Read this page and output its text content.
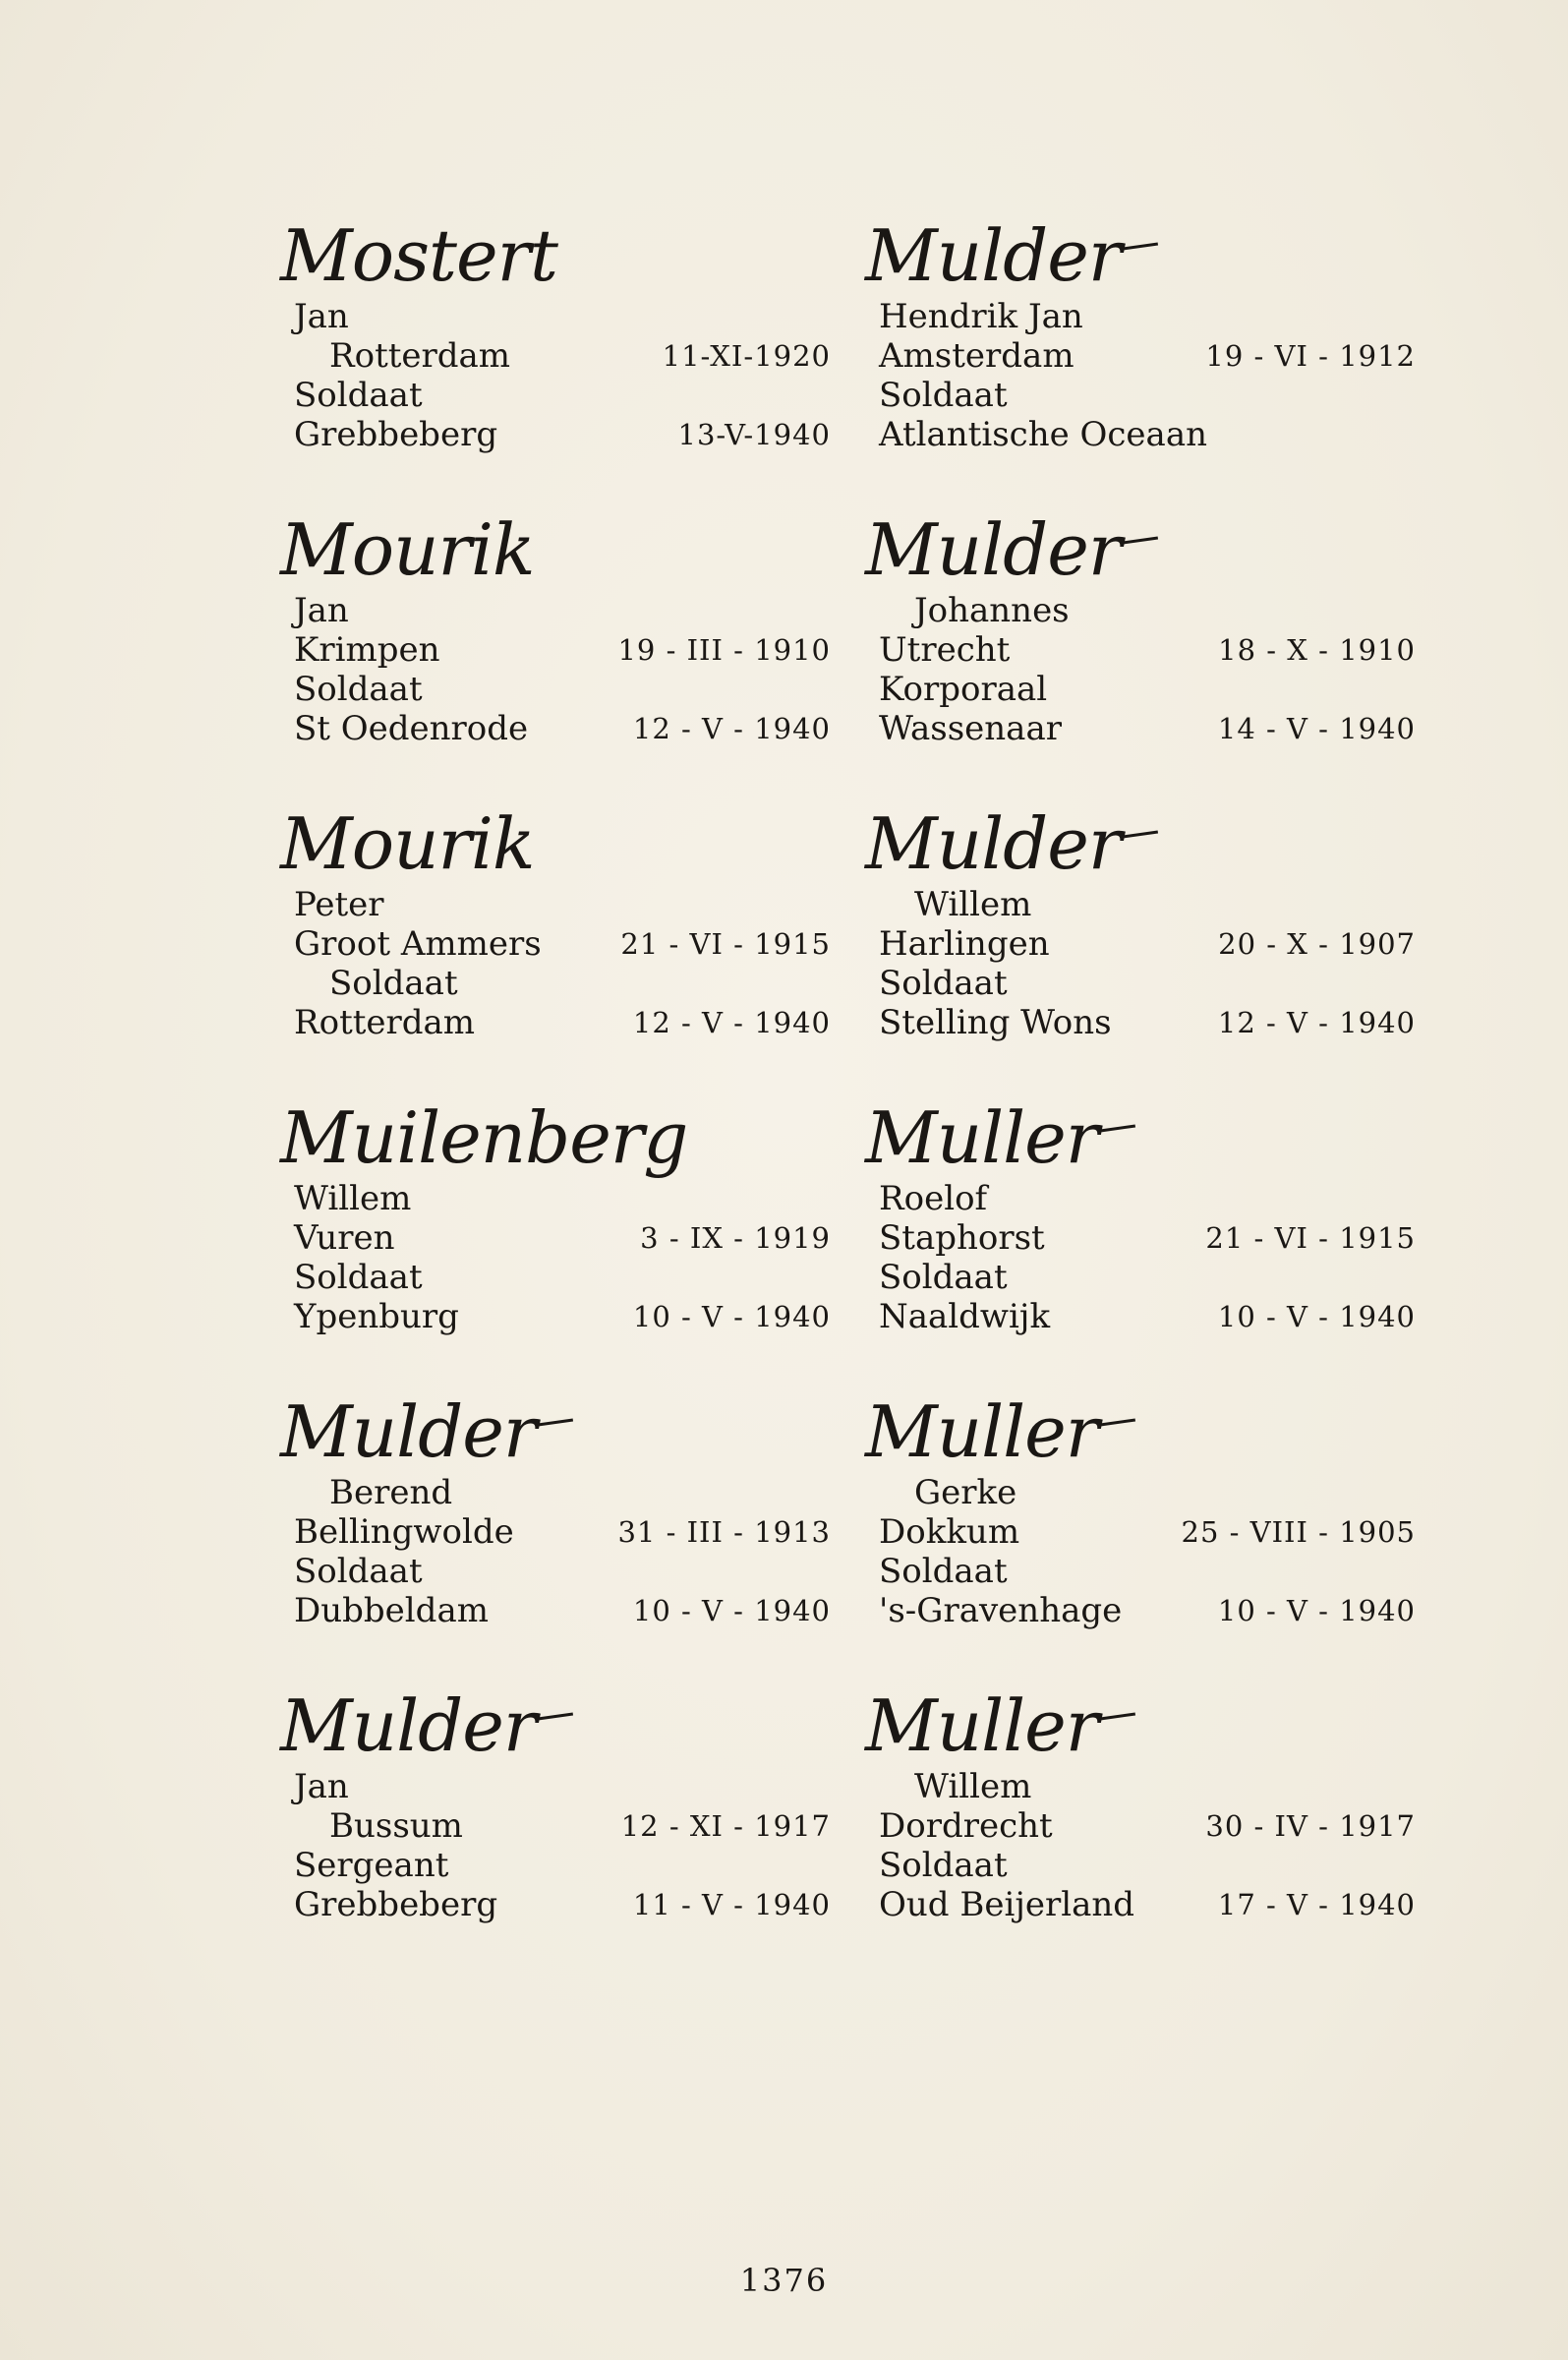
Mostert
Jan
Rotterdam	11-XI-1920
Soldaat
Grebbeberg	13-V-1940
Mourik
Jan
Krimpen	19 - III - 1910
Soldaat
St Oedenrode	12 - V - 1940
Mourik
Peter
Groot Ammers	21 - VI - 1915
Soldaat
Rotterdam	12 - V - 1940
Muilenberg
Willem
Vuren	3 - IX - 1919
Soldaat
Ypenburg	10 - V - 1940
Mulder
Berend
Bellingwolde	31 - III - 1913
Soldaat
Dubbeldam	10 - V - 1940
Mulder
Jan
Bussum	12 - XI - 1917
Sergeant
Grebbeberg	11 - V - 1940
Mulder
Hendrik Jan
Amsterdam	19 - VI - 1912
Soldaat
Atlantische Oceaan
Mulder
Johannes
Utrecht	18 - X - 1910
Korporaal
Wassenaar	14 - V - 1940
Mulder
Willem
Harlingen	20 - X - 1907
Soldaat
Stelling Wons	12 - V - 1940
Muller
Roelof
Staphorst	21 - VI - 1915
Soldaat
Naaldwijk	10 - V - 1940
Muller
Gerke
Dokkum	25 - VIII - 1905
Soldaat
's-Gravenhage	10 - V - 1940
Muller
Willem
Dordrecht	30 - IV - 1917
Soldaat
Oud Beijerland	17 - V - 1940
1376
